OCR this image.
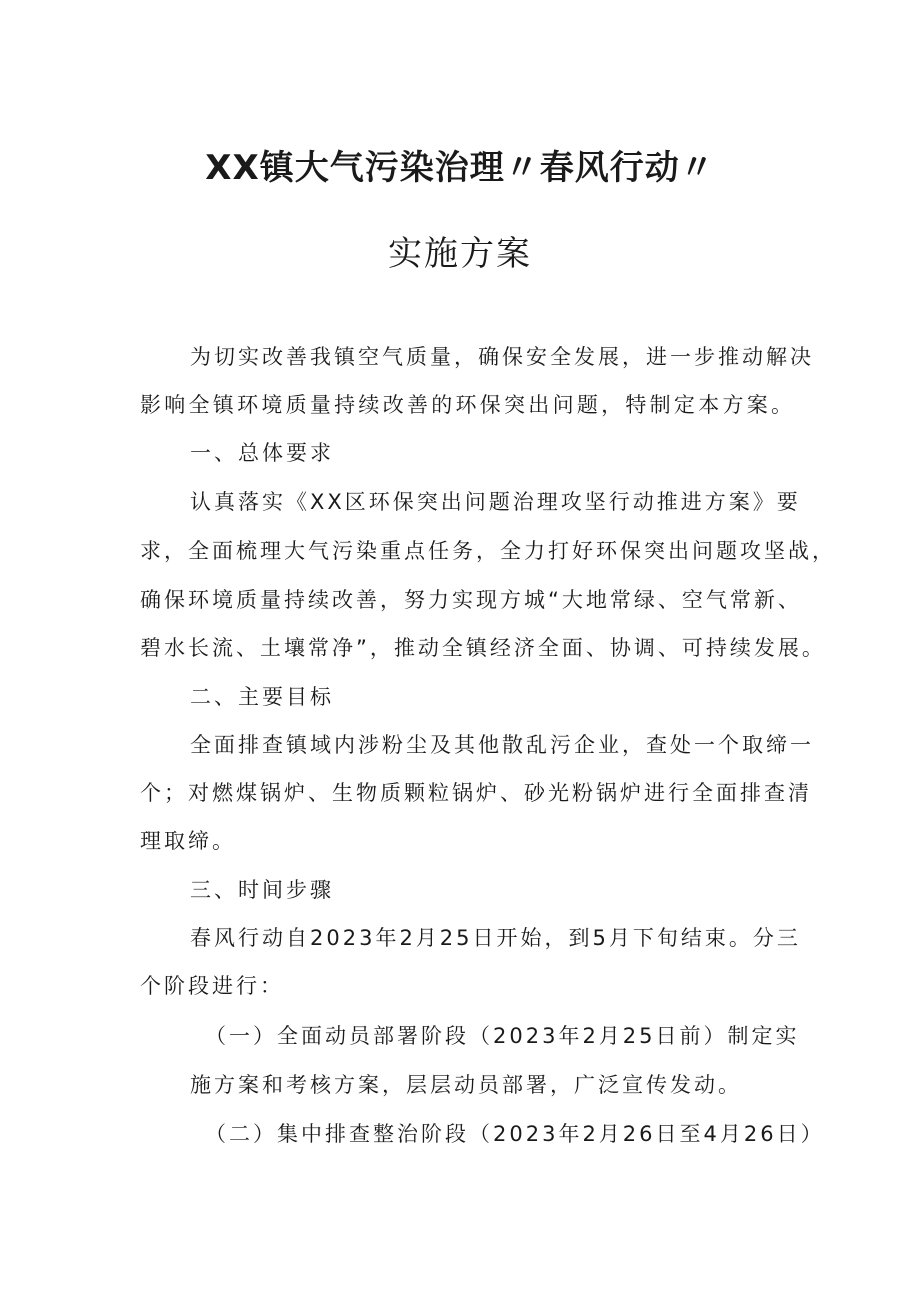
XX镇大气污染治理〃春风行动〃
实施方案
为切实改善我镇空气质量，确保安全发展，进一步推动解决
影响全镇环境质量持续改善的环保突出问题，特制定本方案。
一、总体要求
认真落实《XX区环保突出问题治理攻坚行动推进方案》要
求，全面梳理大气污染重点任务，全力打好环保突出问题攻坚战，
确保环境质量持续改善，努力实现方城“大地常绿、空气常新、
碧水长流、土壤常净”，推动全镇经济全面、协调、可持续发展。
二、主要目标
全面排查镇域内涉粉尘及其他散乱污企业，查处一个取缔一
个；对燃煤锅炉、生物质颗粒锅炉、砂光粉锅炉进行全面排查清
理取缔。
三、时间步骤
春风行动自2023年2月25日开始，到5月下旬结束。分三
个阶段进行：
（一）全面动员部署阶段（2023年2月25日前）制定实
施方案和考核方案，层层动员部署，广泛宣传发动。
（二）集中排查整治阶段（2023年2月26日至4月26日）
